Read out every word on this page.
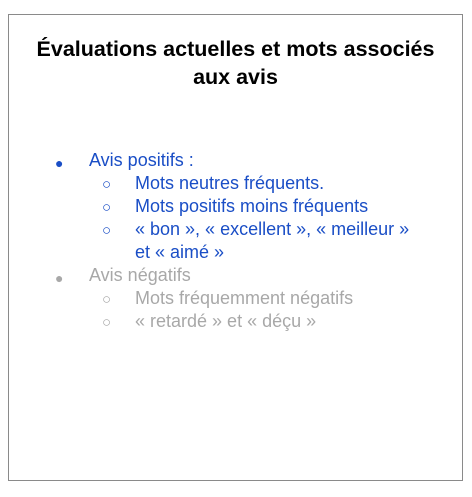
Évaluations actuelles et mots associés
aux avis
● Avis positifs :
○ Mots neutres fréquents.
○ Mots positifs moins fréquents
○ « bon », « excellent », « meilleur »
et « aimé »
● Avis négatifs
○ Mots fréquemment négatifs
○ « retardé » et « déçu »
